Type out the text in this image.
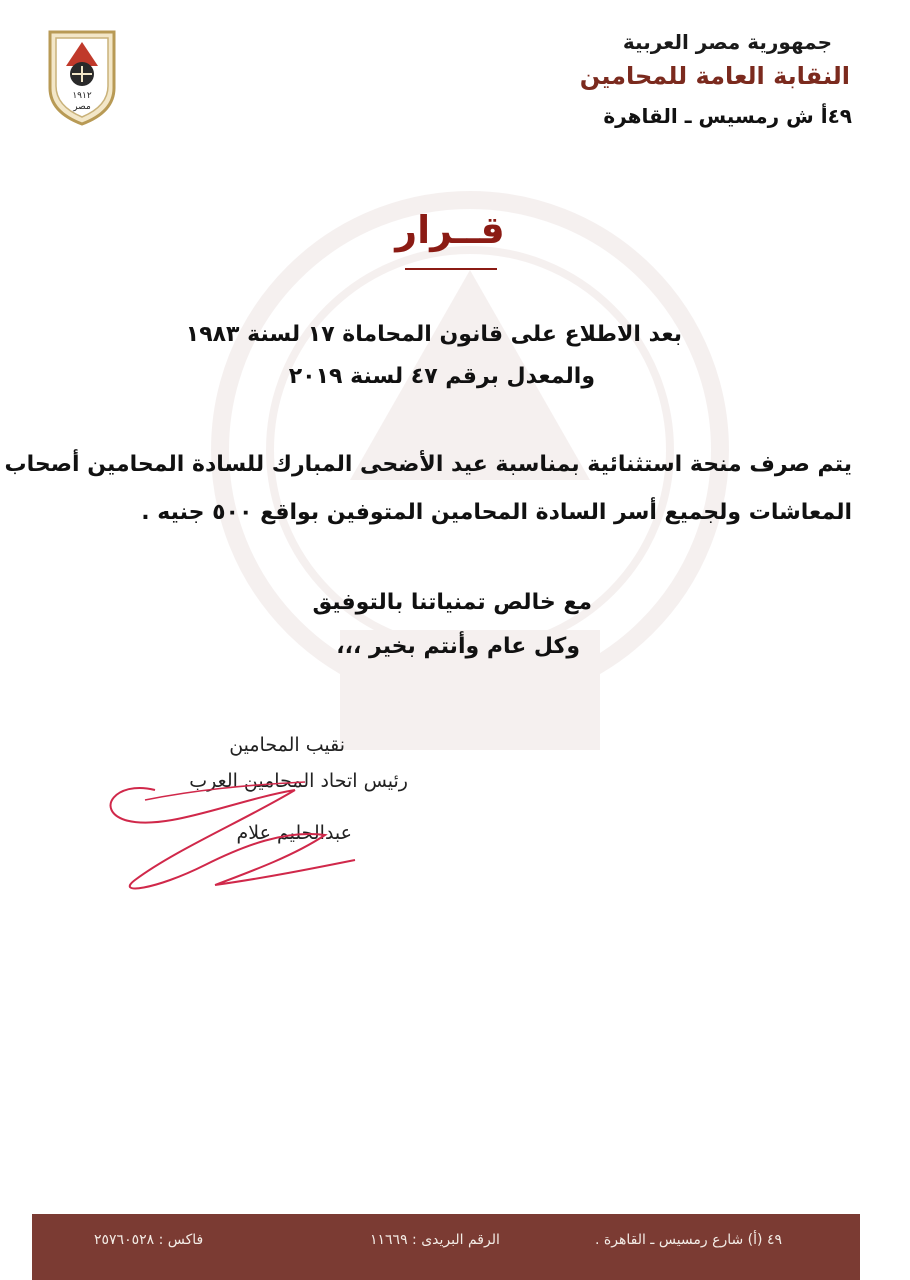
١٩١٢
مصر
جمهورية مصر العربية
النقابة العامة للمحامين
٤٩أ ش رمسيس ـ القاهرة
قــرار
بعد الاطلاع على قانون المحاماة ١٧ لسنة ١٩٨٣
والمعدل برقم ٤٧ لسنة ٢٠١٩
يتم صرف منحة استثنائية بمناسبة عيد الأضحى المبارك للسادة المحامين أصحاب
المعاشات ولجميع أسر السادة المحامين المتوفين بواقع ٥٠٠ جنيه .
مع خالص تمنياتنا بالتوفيق
وكل عام وأنتم بخير ،،،
نقيب المحامين
رئيس اتحاد المحامين العرب
عبدالحليم علام
٤٩ (أ) شارع رمسيس ـ القاهرة .
الرقم البريدى : ١١٦٦٩
فاكس : ٢٥٧٦٠٥٢٨
